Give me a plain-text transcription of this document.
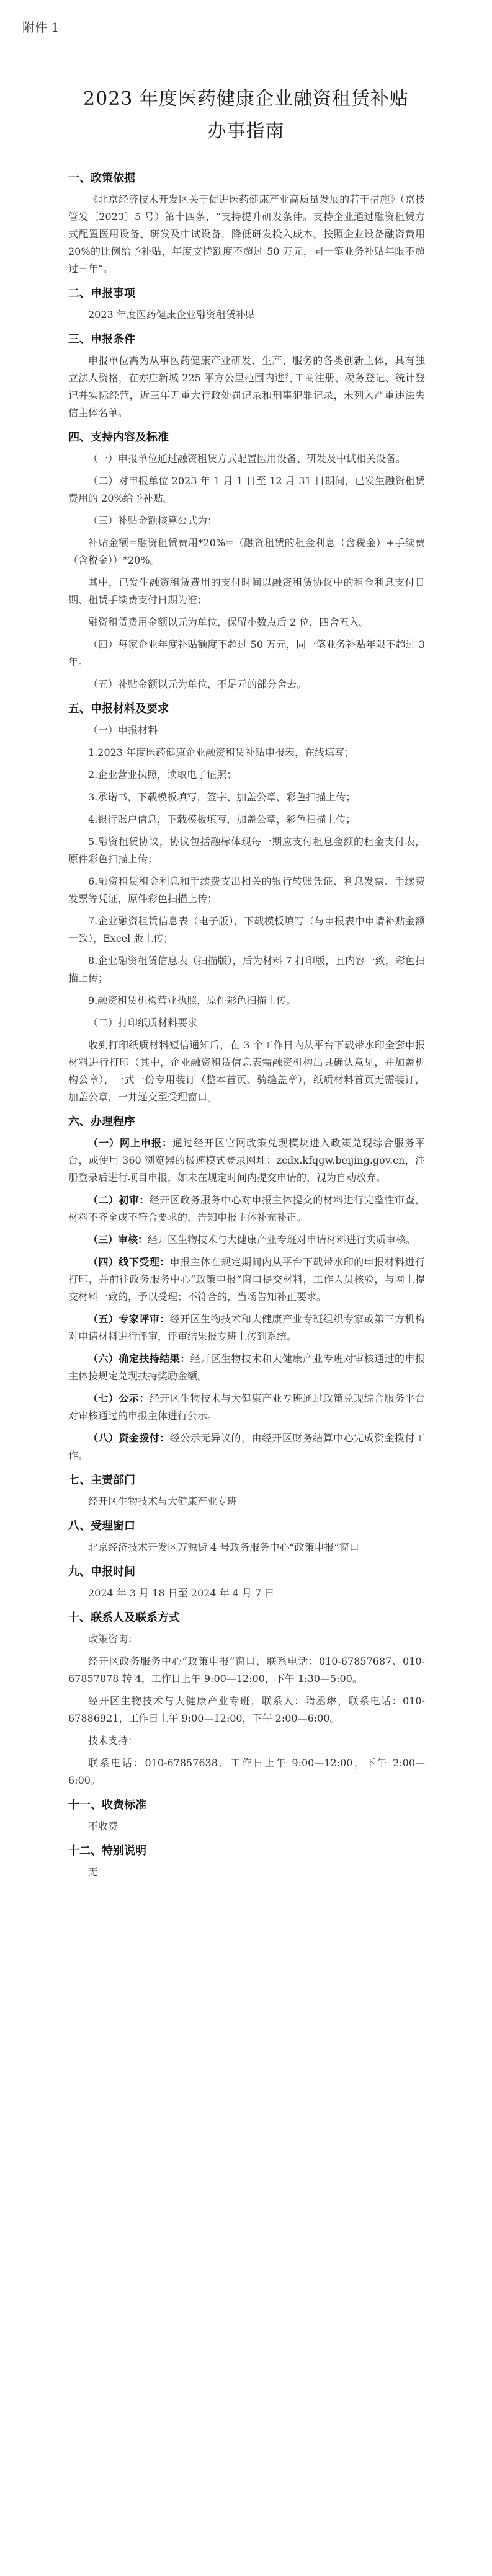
附件 1
2023 年度医药健康企业融资租赁补贴
办事指南
一、政策依据

《北京经济技术开发区关于促进医药健康产业高质量发展的若干措施》（京技管发〔2023〕5 号）第十四条，“支持提升研发条件。支持企业通过融资租赁方式配置医用设备、研发及中试设备，降低研发投入成本。按照企业设备融资费用 20%的比例给予补贴，年度支持额度不超过 50 万元，同一笔业务补贴年限不超过三年”。

二、申报事项

2023 年度医药健康企业融资租赁补贴

三、申报条件

申报单位需为从事医药健康产业研发、生产、服务的各类创新主体，具有独立法人资格，在亦庄新城 225 平方公里范围内进行工商注册、税务登记、统计登记并实际经营，近三年无重大行政处罚记录和刑事犯罪记录，未列入严重违法失信主体名单。

四、支持内容及标准

（一）申报单位通过融资租赁方式配置医用设备、研发及中试相关设备。

（二）对申报单位 2023 年 1 月 1 日至 12 月 31 日期间，已发生融资租赁费用的 20%给予补贴。

（三）补贴金额核算公式为：

补贴金额=融资租赁费用*20%=（融资租赁的租金利息（含税金）+手续费（含税金））*20%。

其中，已发生融资租赁费用的支付时间以融资租赁协议中的租金利息支付日期、租赁手续费支付日期为准；

融资租赁费用金额以元为单位，保留小数点后 2 位，四舍五入。

（四）每家企业年度补贴额度不超过 50 万元，同一笔业务补贴年限不超过 3 年。

（五）补贴金额以元为单位，不足元的部分舍去。

五、申报材料及要求

（一）申报材料

1.2023 年度医药健康企业融资租赁补贴申报表，在线填写；

2.企业营业执照，读取电子证照；

3.承诺书，下载模板填写，签字、加盖公章，彩色扫描上传；

4.银行账户信息，下载模板填写，加盖公章，彩色扫描上传；

5.融资租赁协议，协议包括融标体现每一期应支付租息金额的租金支付表，原件彩色扫描上传；

6.融资租赁租金利息和手续费支出相关的银行转账凭证、利息发票、手续费发票等凭证，原件彩色扫描上传；

7.企业融资租赁信息表（电子版），下载模板填写（与申报表中申请补贴金额一致），Excel 版上传；

8.企业融资租赁信息表（扫描版），后为材料 7 打印版，且内容一致，彩色扫描上传；

9.融资租赁机构营业执照，原件彩色扫描上传。

（二）打印纸质材料要求

收到打印纸质材料短信通知后，在 3 个工作日内从平台下载带水印全套申报材料进行打印（其中，企业融资租赁信息表需融资机构出具确认意见，并加盖机构公章），一式一份专用装订（整本首页、骑缝盖章），纸质材料首页无需装订，加盖公章，一并递交至受理窗口。

六、办理程序

（一）网上申报：通过经开区官网政策兑现模块进入政策兑现综合服务平台，或使用 360 浏览器的极速模式登录网址：zcdx.kfqgw.beijing.gov.cn，注册登录后进行项目申报，如未在规定时间内提交申请的，视为自动放弃。

（二）初审：经开区政务服务中心对申报主体提交的材料进行完整性审查，材料不齐全或不符合要求的，告知申报主体补充补正。

（三）审核：经开区生物技术与大健康产业专班对申请材料进行实质审核。

（四）线下受理：申报主体在规定期间内从平台下载带水印的申报材料进行打印，并前往政务服务中心“政策申报”窗口提交材料，工作人员核验，与网上提交材料一致的，予以受理；不符合的，当场告知补正要求。

（五）专家评审：经开区生物技术和大健康产业专班组织专家或第三方机构对申请材料进行评审，评审结果报专班上传到系统。

（六）确定扶持结果：经开区生物技术和大健康产业专班对审核通过的申报主体按规定兑现扶持奖励金额。

（七）公示：经开区生物技术与大健康产业专班通过政策兑现综合服务平台对审核通过的申报主体进行公示。

（八）资金拨付：经公示无异议的，由经开区财务结算中心完成资金拨付工作。

七、主责部门

经开区生物技术与大健康产业专班

八、受理窗口

北京经济技术开发区万源街 4 号政务服务中心“政策申报”窗口

九、申报时间

2024 年 3 月 18 日至 2024 年 4 月 7 日

十、联系人及联系方式

政策咨询：

经开区政务服务中心“政策申报”窗口，联系电话：010-67857687、010-67857878 转 4，工作日上午 9:00—12:00，下午 1:30—5:00。

经开区生物技术与大健康产业专班，联系人：隋丞琳，联系电话：010-67886921，工作日上午 9:00—12:00，下午 2:00—6:00。

技术支持：

联系电话：010-67857638，工作日上午 9:00—12:00，下午 2:00—6:00。

十一、收费标准

不收费

十二、特别说明

无
